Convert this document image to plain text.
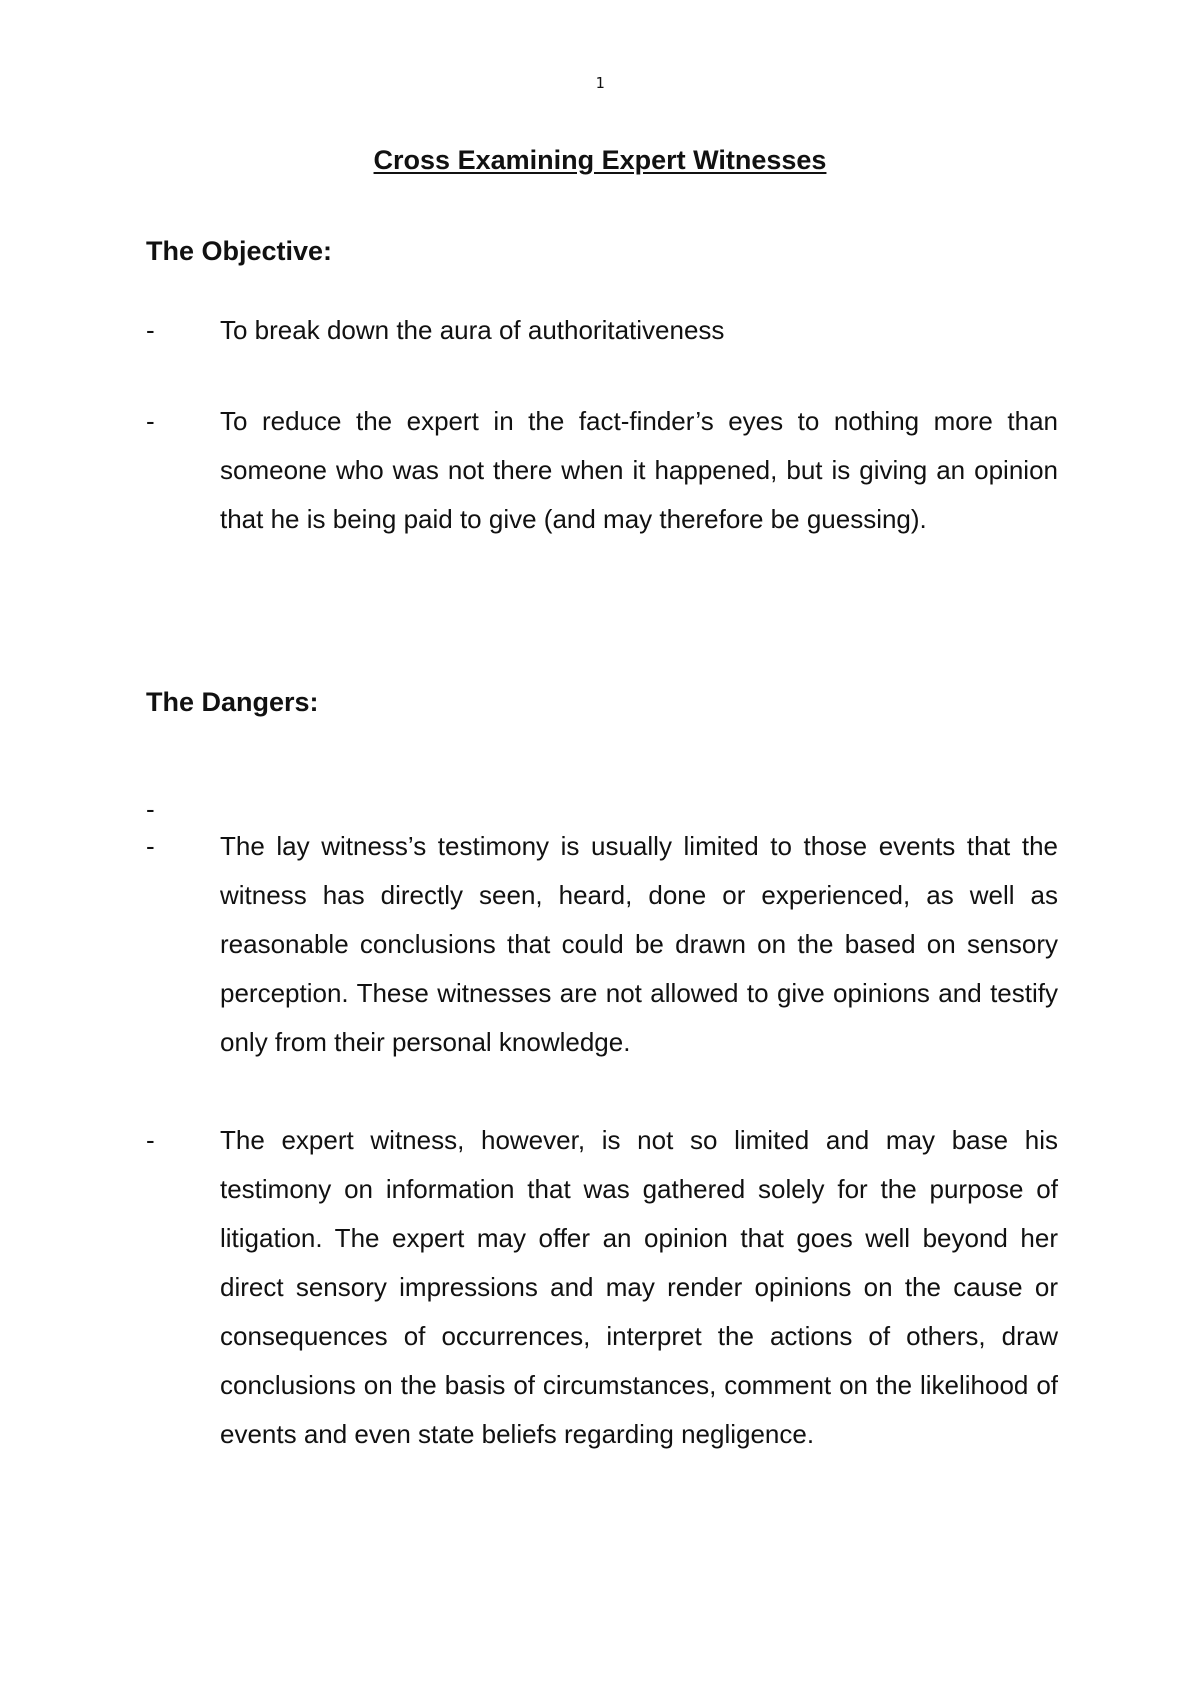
1
Cross Examining Expert Witnesses
The Objective:
-	To break down the aura of authoritativeness
-	To reduce the expert in the fact-finder’s eyes to nothing more than someone who was not there when it happened, but is giving an opinion that he is being paid to give (and may therefore be guessing).
The Dangers:
-
-	The lay witness’s testimony is usually limited to those events that the witness has directly seen, heard, done or experienced, as well as reasonable conclusions that could be drawn on the based on sensory perception. These witnesses are not allowed to give opinions and testify only from their personal knowledge.
-	The expert witness, however, is not so limited and may base his testimony on information that was gathered solely for the purpose of litigation. The expert may offer an opinion that goes well beyond her direct sensory impressions and may render opinions on the cause or consequences of occurrences, interpret the actions of others, draw conclusions on the basis of circumstances, comment on the likelihood of events and even state beliefs regarding negligence.
